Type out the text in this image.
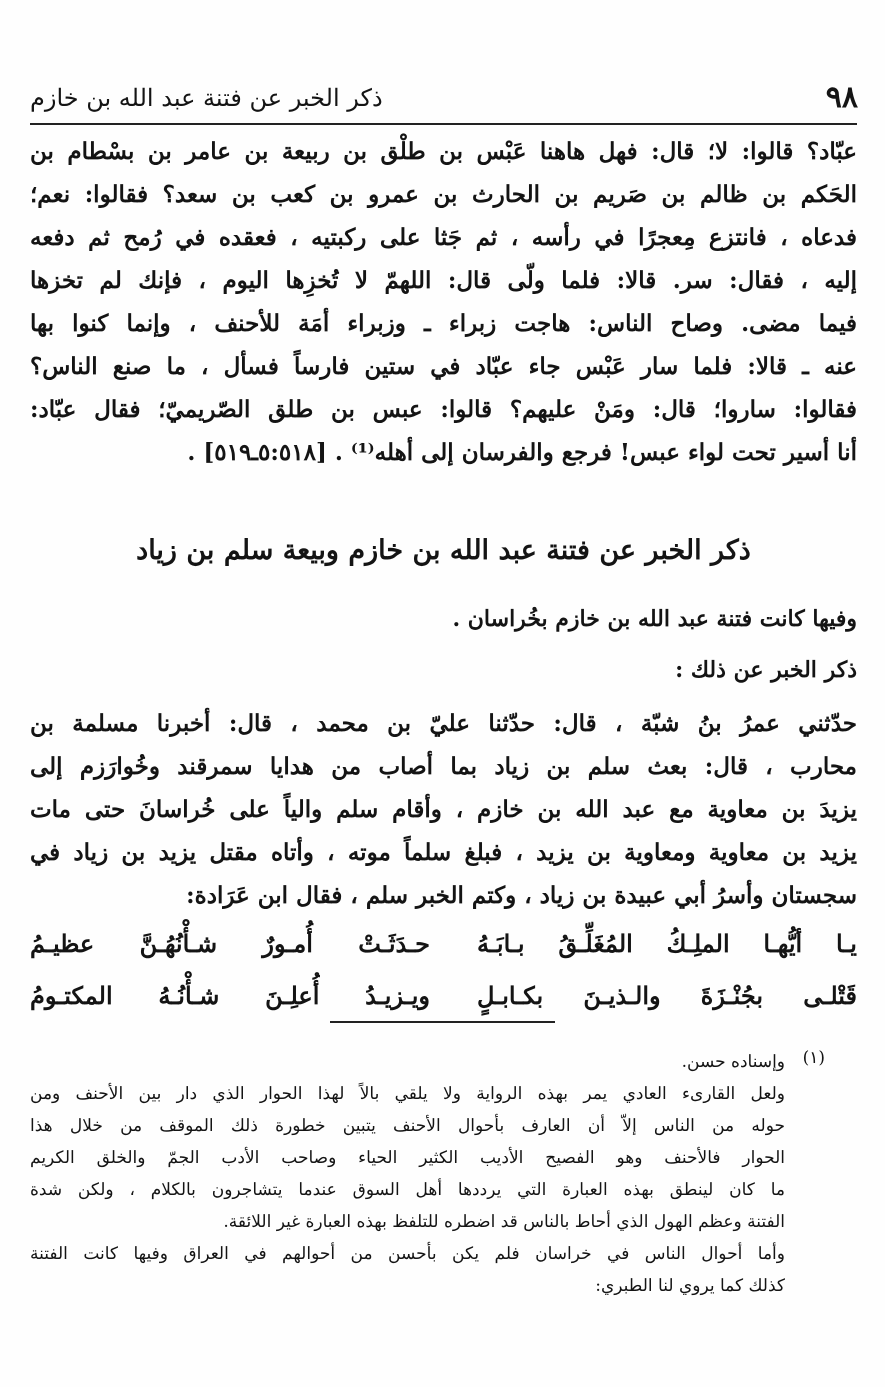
٩٨
ذكر الخبر عن فتنة عبد الله بن خازم
عبّاد؟ قالوا: لا؛ قال: فهل هاهنا عَبْس بن طلْق بن ربيعة بن عامر بن بسْطام بن
الحَكم بن ظالم بن صَريم بن الحارث بن عمرو بن كعب بن سعد؟ فقالوا: نعم؛
فدعاه ، فانتزع مِعجرًا في رأسه ، ثم جَثا على ركبتيه ، فعقده في رُمح ثم دفعه
إليه ، فقال: سر. قالا: فلما ولّى قال: اللهمّ لا تُخزِها اليوم ، فإنك لم تخزها
فيما مضى. وصاح الناس: هاجت زبراء ـ وزبراء أمَة للأحنف ، وإنما كنوا بها
عنه ـ قالا: فلما سار عَبْس جاء عبّاد في ستين فارساً فسأل ، ما صنع الناس؟
فقالوا: ساروا؛ قال: ومَنْ عليهم؟ قالوا: عبس بن طلق الصّريميّ؛ فقال عبّاد:
أنا أسير تحت لواء عبس! فرجع والفرسان إلى أهله⁽¹⁾ . [٥:٥١٨ـ٥١٩] .
ذكر الخبر عن فتنة عبد الله بن خازم وبيعة سلم بن زياد
وفيها كانت فتنة عبد الله بن خازم بخُراسان .
ذكر الخبر عن ذلك :
حدّثني عمرُ بنُ شبّة ، قال: حدّثنا عليّ بن محمد ، قال: أخبرنا مسلمة بن
محارب ، قال: بعث سلم بن زياد بما أصاب من هدايا سمرقند وخُوارَزم إلى
يزيدَ بن معاوية مع عبد الله بن خازم ، وأقام سلم والياً على خُراسانَ حتى مات
يزيد بن معاوية ومعاوية بن يزيد ، فبلغ سلماً موته ، وأتاه مقتل يزيد بن زياد في
سجستان وأسرُ أبي عبيدة بن زياد ، وكتم الخبر سلم ، فقال ابن عَرَادة:
يـا أيُّهـا الملِـكُ المُغَلِّـقُ بـابَـهُ
حـدَثَـتْ أُمـورٌ شـأْنُهُـنَّ عظيـمُ
قَتْلـى بجُنْـزَةَ والـذيـنَ بكـابـلٍ
ويـزيـدُ أُعلِـنَ شـأْنُـهُ المكتـومُ
(١)
وإسناده حسن.
ولعل القارىء العادي يمر بهذه الرواية ولا يلقي بالاً لهذا الحوار الذي دار بين الأحنف ومن
حوله من الناس إلاّ أن العارف بأحوال الأحنف يتبين خطورة ذلك الموقف من خلال هذا
الحوار فالأحنف وهو الفصيح الأديب الكثير الحياء وصاحب الأدب الجمّ والخلق الكريم
ما كان لينطق بهذه العبارة التي يرددها أهل السوق عندما يتشاجرون بالكلام ، ولكن شدة
الفتنة وعظم الهول الذي أحاط بالناس قد اضطره للتلفظ بهذه العبارة غير اللائقة.
وأما أحوال الناس في خراسان فلم يكن بأحسن من أحوالهم في العراق وفيها كانت الفتنة
كذلك كما يروي لنا الطبري:
